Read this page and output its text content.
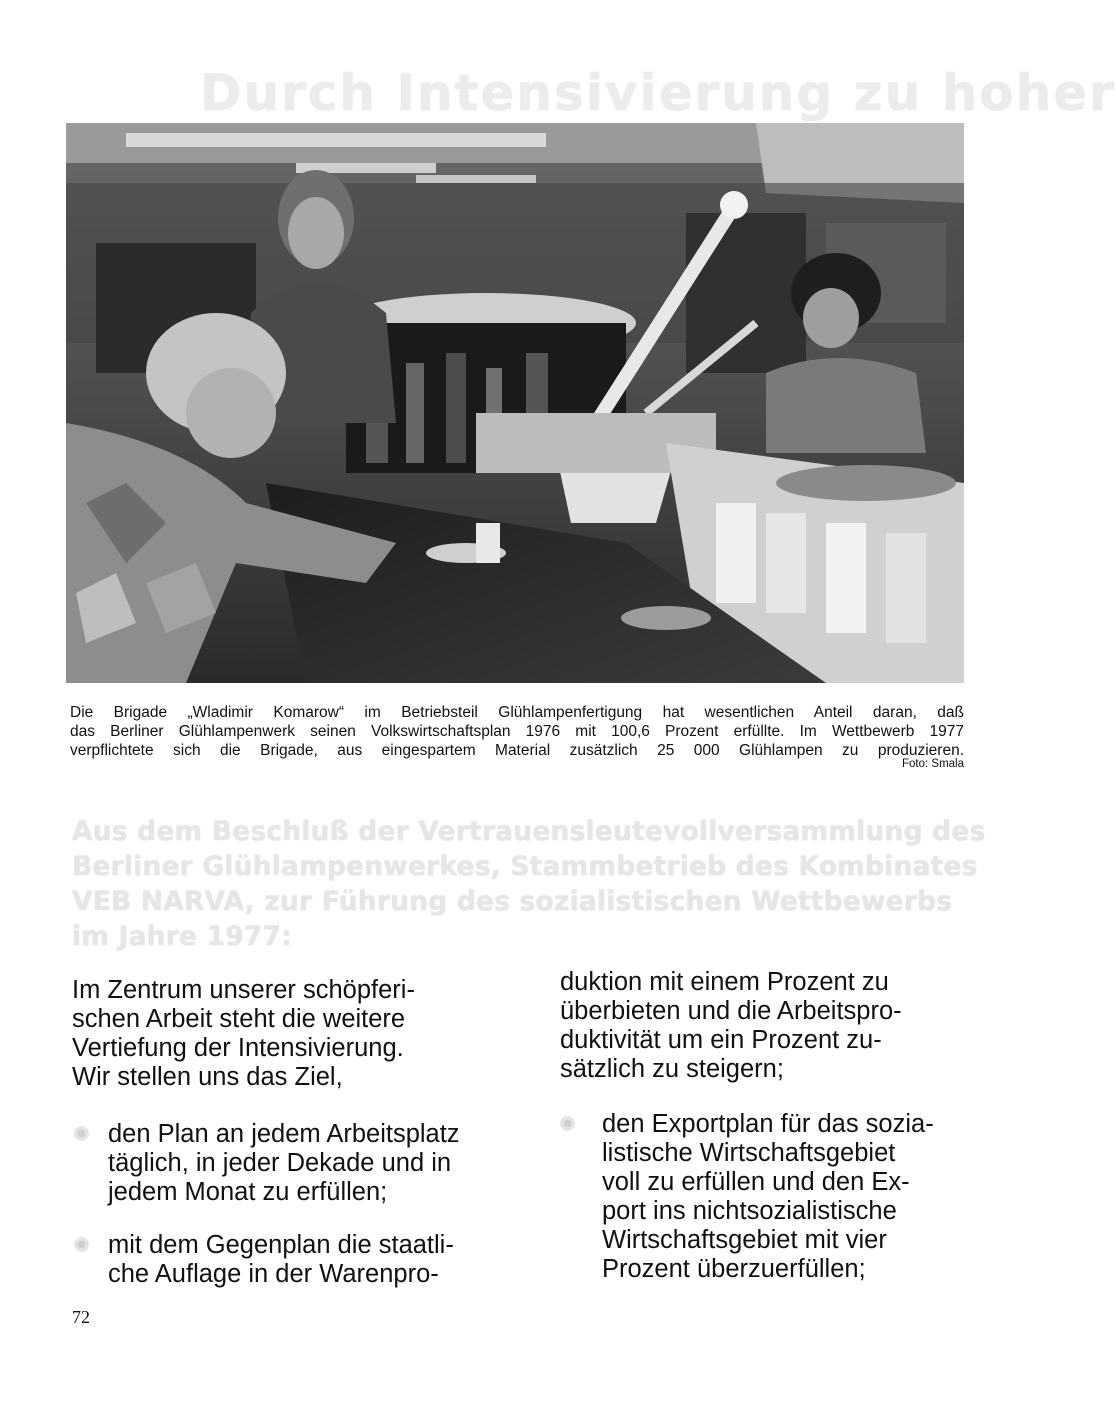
Durch Intensivierung zu hoher

Die Brigade „Wladimir Komarow“ im Betriebsteil Glühlampenfertigung hat wesentlichen Anteil daran, daß

das Berliner Glühlampenwerk seinen Volkswirtschaftsplan 1976 mit 100,6 Prozent erfüllte. Im Wettbewerb 1977

verpflichtete sich die Brigade, aus eingespartem Material zusätzlich 25 000 Glühlampen zu produzieren.

Foto: Smala
Aus dem Beschluß der Vertrauensleutevollversammlung des
Berliner Glühlampenwerkes, Stammbetrieb des Kombinates
VEB NARVA, zur Führung des sozialistischen Wettbewerbs
im Jahre 1977:
Im Zentrum unserer schöpferi-
schen Arbeit steht die weitere
Vertiefung der Intensivierung.
Wir stellen uns das Ziel,
den Plan an jedem Arbeitsplatz
täglich, in jeder Dekade und in
jedem Monat zu erfüllen;
mit dem Gegenplan die staatli-
che Auflage in der Warenpro-
duktion mit einem Prozent zu
überbieten und die Arbeitspro-
duktivität um ein Prozent zu-
sätzlich zu steigern;
den Exportplan für das sozia-
listische Wirtschaftsgebiet
voll zu erfüllen und den Ex-
port ins nichtsozialistische
Wirtschaftsgebiet mit vier
Prozent überzuerfüllen;
72
